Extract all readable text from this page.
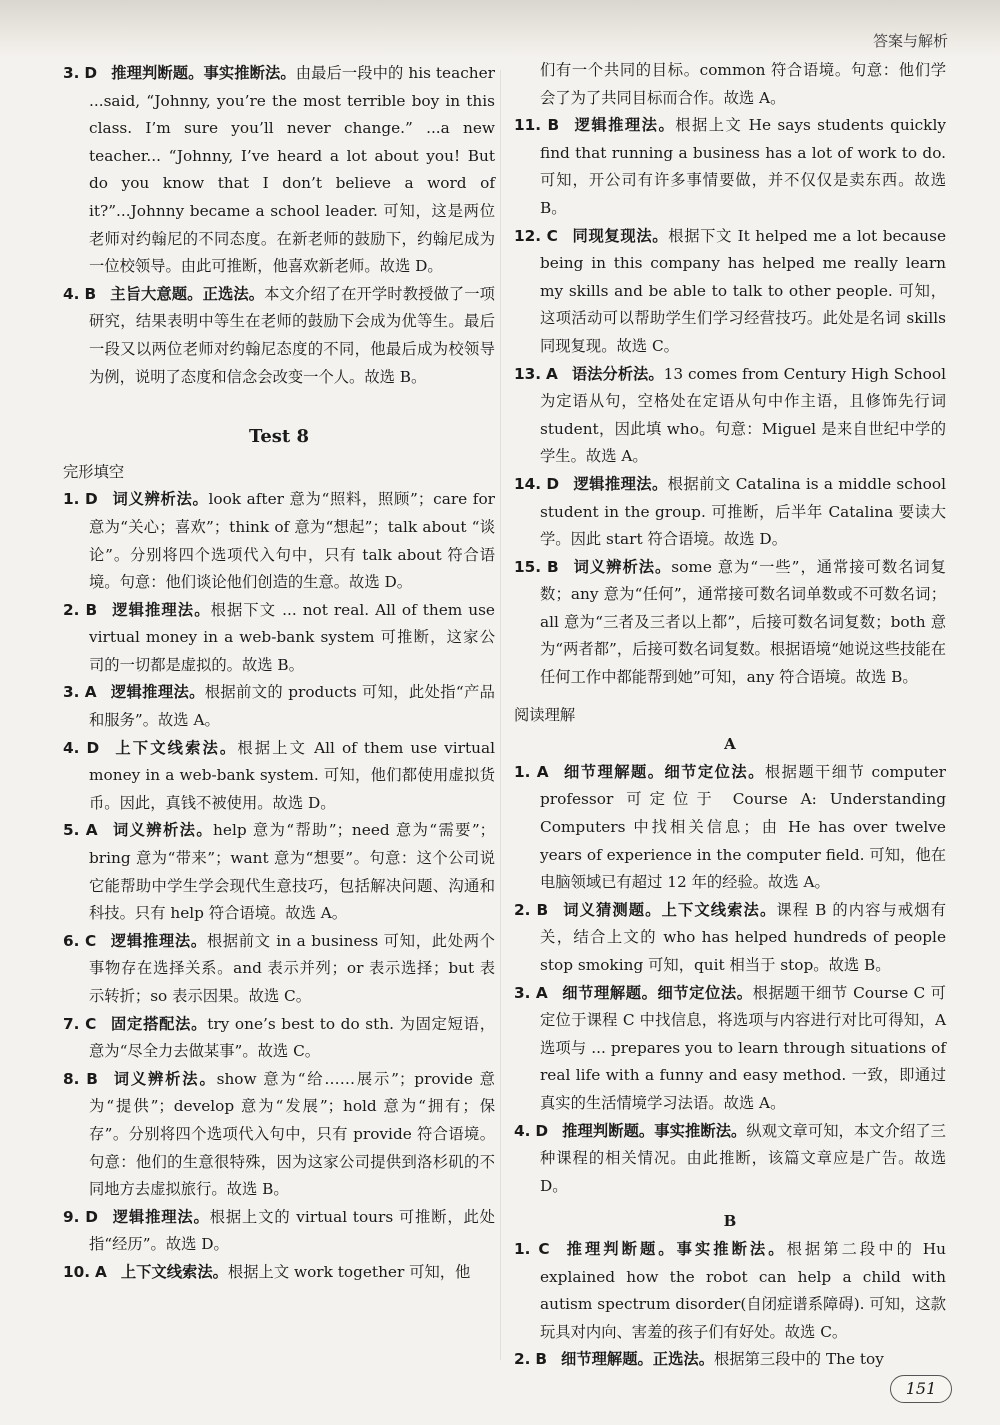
答案与解析

3. D 推理判断题。事实推断法。由最后一段中的 his teacher ...said, “Johnny, you’re the most terrible boy in this class. I’m sure you’ll never change.” ...a new teacher... “Johnny, I’ve heard a lot about you! But do you know that I don’t believe a word of it?”...Johnny became a school leader. 可知，这是两位老师对约翰尼的不同态度。在新老师的鼓励下，约翰尼成为一位校领导。由此可推断，他喜欢新老师。故选 D。

4. B 主旨大意题。正选法。本文介绍了在开学时教授做了一项研究，结果表明中等生在老师的鼓励下会成为优等生。最后一段又以两位老师对约翰尼态度的不同，他最后成为校领导为例，说明了态度和信念会改变一个人。故选 B。

Test 8
完形填空

1. D 词义辨析法。look after 意为“照料，照顾”；care for 意为“关心；喜欢”；think of 意为“想起”；talk about “谈论”。分别将四个选项代入句中，只有 talk about 符合语境。句意：他们谈论他们创造的生意。故选 D。

2. B 逻辑推理法。根据下文 ... not real. All of them use virtual money in a web-bank system 可推断，这家公司的一切都是虚拟的。故选 B。

3. A 逻辑推理法。根据前文的 products 可知，此处指“产品和服务”。故选 A。

4. D 上下文线索法。根据上文 All of them use virtual money in a web-bank system. 可知，他们都使用虚拟货币。因此，真钱不被使用。故选 D。

5. A 词义辨析法。help 意为“帮助”；need 意为“需要”；bring 意为“带来”；want 意为“想要”。句意：这个公司说它能帮助中学生学会现代生意技巧，包括解决问题、沟通和科技。只有 help 符合语境。故选 A。

6. C 逻辑推理法。根据前文 in a business 可知，此处两个事物存在选择关系。and 表示并列；or 表示选择；but 表示转折；so 表示因果。故选 C。

7. C 固定搭配法。try one’s best to do sth. 为固定短语，意为“尽全力去做某事”。故选 C。

8. B 词义辨析法。show 意为“给……展示”；provide 意为“提供”；develop 意为“发展”；hold 意为“拥有；保存”。分别将四个选项代入句中，只有 provide 符合语境。句意：他们的生意很特殊，因为这家公司提供到洛杉矶的不同地方去虚拟旅行。故选 B。

9. D 逻辑推理法。根据上文的 virtual tours 可推断，此处指“经历”。故选 D。

10. A 上下文线索法。根据上文 work together 可知，他

们有一个共同的目标。common 符合语境。句意：他们学会了为了共同目标而合作。故选 A。

11. B 逻辑推理法。根据上文 He says students quickly find that running a business has a lot of work to do. 可知，开公司有许多事情要做，并不仅仅是卖东西。故选 B。

12. C 同现复现法。根据下文 It helped me a lot because being in this company has helped me really learn my skills and be able to talk to other people. 可知，这项活动可以帮助学生们学习经营技巧。此处是名词 skills 同现复现。故选 C。

13. A 语法分析法。13 comes from Century High School 为定语从句，空格处在定语从句中作主语，且修饰先行词 student，因此填 who。句意：Miguel 是来自世纪中学的学生。故选 A。

14. D 逻辑推理法。根据前文 Catalina is a middle school student in the group. 可推断，后半年 Catalina 要读大学。因此 start 符合语境。故选 D。

15. B 词义辨析法。some 意为“一些”，通常接可数名词复数；any 意为“任何”，通常接可数名词单数或不可数名词；all 意为“三者及三者以上都”，后接可数名词复数；both 意为“两者都”，后接可数名词复数。根据语境“她说这些技能在任何工作中都能帮到她”可知，any 符合语境。故选 B。

阅读理解
A

1. A 细节理解题。细节定位法。根据题干细节 computer professor 可定位于 Course A: Understanding Computers 中找相关信息；由 He has over twelve years of experience in the computer field. 可知，他在电脑领域已有超过 12 年的经验。故选 A。

2. B 词义猜测题。上下文线索法。课程 B 的内容与戒烟有关，结合上文的 who has helped hundreds of people stop smoking 可知，quit 相当于 stop。故选 B。

3. A 细节理解题。细节定位法。根据题干细节 Course C 可定位于课程 C 中找信息，将选项与内容进行对比可得知，A 选项与 ... prepares you to learn through situations of real life with a funny and easy method. 一致，即通过真实的生活情境学习法语。故选 A。

4. D 推理判断题。事实推断法。纵观文章可知，本文介绍了三种课程的相关情况。由此推断，该篇文章应是广告。故选 D。

B

1. C 推理判断题。事实推断法。根据第二段中的 Hu explained how the robot can help a child with autism spectrum disorder(自闭症谱系障碍). 可知，这款玩具对内向、害羞的孩子们有好处。故选 C。

2. B 细节理解题。正选法。根据第三段中的 The toy

151
